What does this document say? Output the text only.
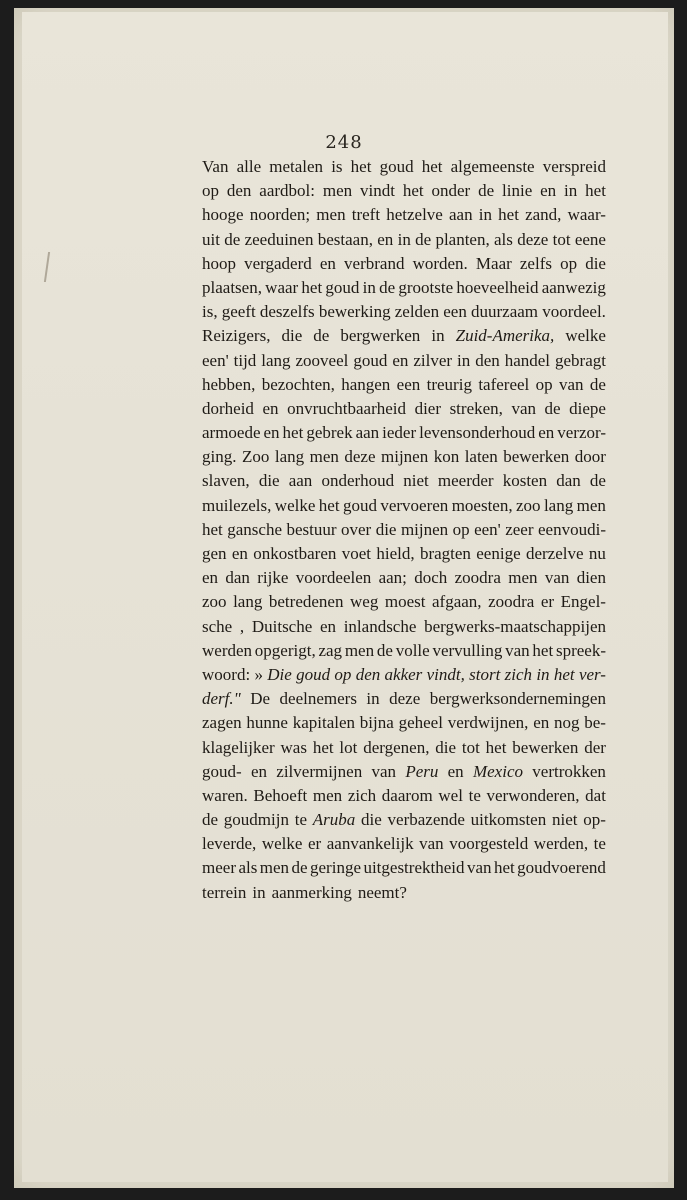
248
Van alle metalen is het goud het algemeenste verspreid
op den aardbol: men vindt het onder de linie en in het
hooge noorden; men treft hetzelve aan in het zand, waar-
uit de zeeduinen bestaan, en in de planten, als deze tot eene
hoop vergaderd en verbrand worden. Maar zelfs op die
plaatsen, waar het goud in de grootste hoeveelheid aanwezig
is, geeft deszelfs bewerking zelden een duurzaam voordeel.
Reizigers, die de bergwerken in Zuid-Amerika, welke
een' tijd lang zooveel goud en zilver in den handel gebragt
hebben, bezochten, hangen een treurig tafereel op van de
dorheid en onvruchtbaarheid dier streken, van de diepe
armoede en het gebrek aan ieder levensonderhoud en verzor-
ging. Zoo lang men deze mijnen kon laten bewerken door
slaven, die aan onderhoud niet meerder kosten dan de
muilezels, welke het goud vervoeren moesten, zoo lang men
het gansche bestuur over die mijnen op een' zeer eenvoudi-
gen en onkostbaren voet hield, bragten eenige derzelve nu
en dan rijke voordeelen aan; doch zoodra men van dien
zoo lang betredenen weg moest afgaan, zoodra er Engel-
sche , Duitsche en inlandsche bergwerks-maatschappijen
werden opgerigt, zag men de volle vervulling van het spreek-
woord: » Die goud op den akker vindt, stort zich in het ver-
derf." De deelnemers in deze bergwerksondernemingen
zagen hunne kapitalen bijna geheel verdwijnen, en nog be-
klagelijker was het lot dergenen, die tot het bewerken der
goud- en zilvermijnen van Peru en Mexico vertrokken
waren. Behoeft men zich daarom wel te verwonderen, dat
de goudmijn te Aruba die verbazende uitkomsten niet op-
leverde, welke er aanvankelijk van voorgesteld werden, te
meer als men de geringe uitgestrektheid van het goudvoerend
terrein in aanmerking neemt?
